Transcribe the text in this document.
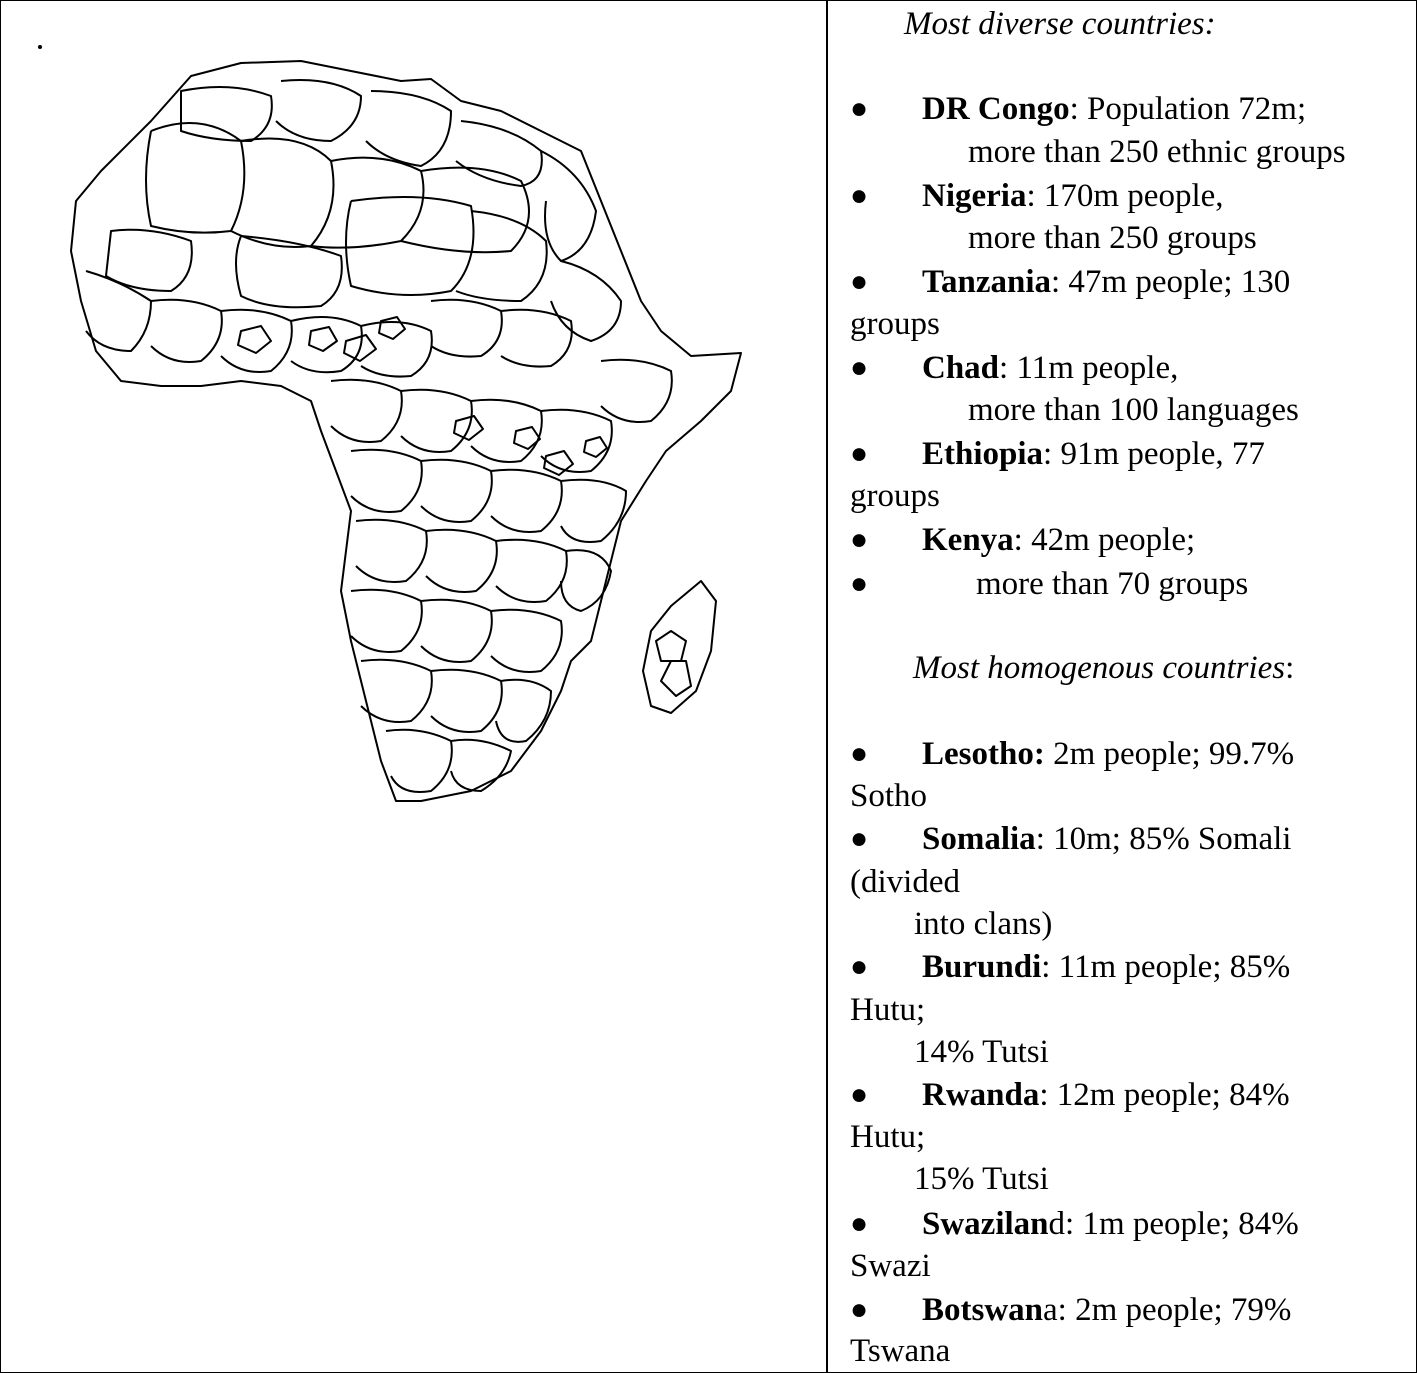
Most diverse countries:
● DR Congo: Population 72m;
more than 250 ethnic groups
● Nigeria: 170m people,
more than 250 groups
● Tanzania: 47m people; 130
groups
● Chad: 11m people,
more than 100 languages
● Ethiopia: 91m people, 77
groups
● Kenya: 42m people;
●	more than 70 groups
Most homogenous countries:
● Lesotho: 2m people; 99.7%
Sotho
● Somalia: 10m; 85% Somali
(divided
into clans)
● Burundi: 11m people; 85%
Hutu;
14% Tutsi
● Rwanda: 12m people; 84%
Hutu;
15% Tutsi
● Swaziland: 1m people; 84%
Swazi
● Botswana: 2m people; 79%
Tswana
